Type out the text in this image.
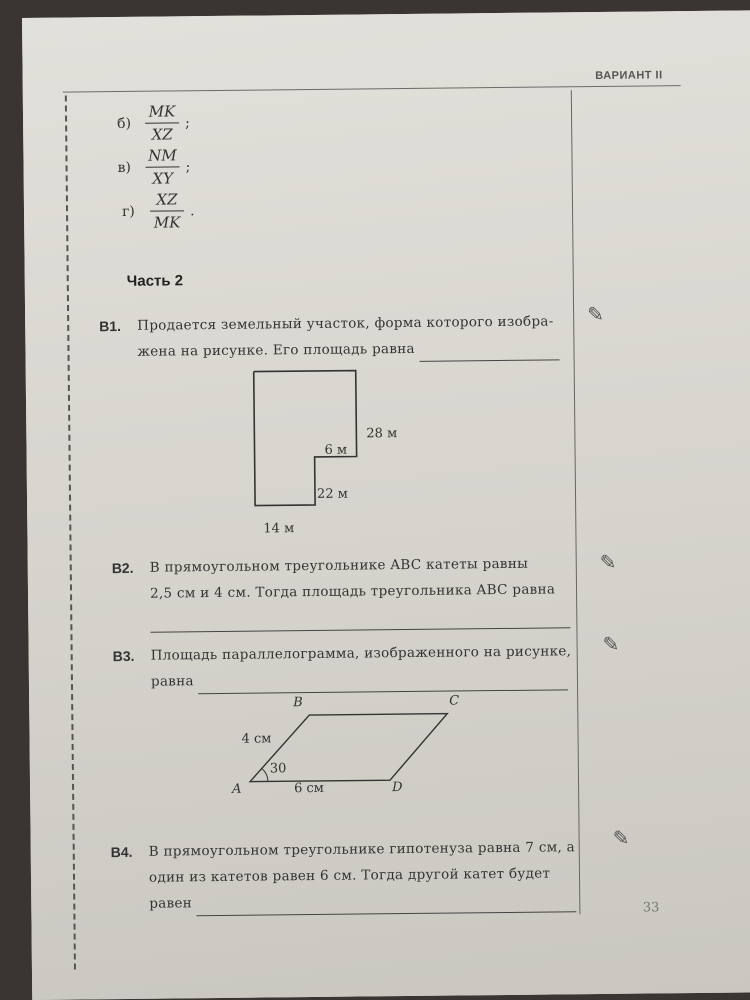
ВАРИАНТ II
$б) \frac{MK}{XZ}$ ;
$в) \frac{NM}{XY}$ ;
$г) \frac{XZ}{MK}$ .
Часть 2
В1. Продается земельный участок, форма которого изобра-
жена на рисунке. Его площадь равна
✎
28 м
6 м
22 м
14 м
В2. В прямоугольном треугольнике ABC катеты равны
2,5 см и 4 см. Тогда площадь треугольника ABC равна

✎
В3. Площадь параллелограмма, изображенного на рисунке,
равна
✎
B	C
A	D
4 см
30
6 см
В4. В прямоугольном треугольнике гипотенуза равна 7 см, а
один из катетов равен 6 см. Тогда другой катет будет
равен
✎
33
